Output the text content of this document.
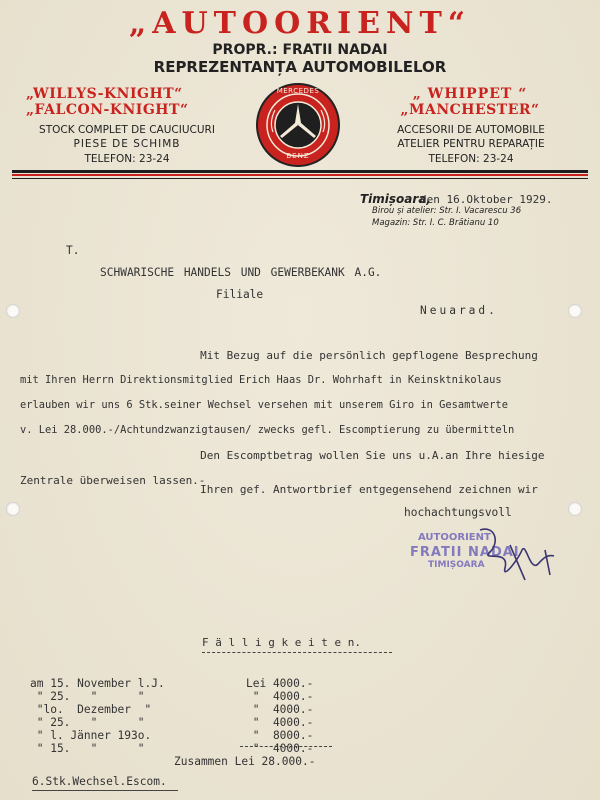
„AUTOORIENT“
PROPR.: FRATII NADAI
REPREZENTANȚA AUTOMOBILELOR
„WILLYS-KNIGHT“
„FALCON-KNIGHT“
STOCK COMPLET DE CAUCIUCURI
PIESE DE SCHIMB
TELEFON: 23-24
„ WHIPPET “
„MANCHESTER“
ACCESORII DE AUTOMOBILE
ATELIER PENTRU REPARAȚIE
TELEFON: 23-24
MERCEDES
BENZ
Timișoara,
den 16.Oktober 1929.
Birou și atelier: Str. I. Vacarescu 36
Magazin: Str. I. C. Brătianu 10
T.
SCHWARISCHE HANDELS UND GEWERBEKANK A.G.
Filiale
Neuarad.
Mit Bezug auf die persönlich gepflogene Besprechung
mit Ihren Herrn Direktionsmitglied Erich Haas Dr. Wohrhaft in Keinsktnikolaus
erlauben wir uns 6 Stk.seiner Wechsel versehen mit unserem Giro in Gesamtwerte
v. Lei 28.000.-/Achtundzwanzigtausen/ zwecks gefl. Escomptierung zu übermitteln
Den Escomptbetrag wollen Sie uns u.A.an Ihre hiesige
Zentrale überweisen lassen.-
Ihren gef. Antwortbrief entgegensehend zeichnen wir
hochachtungsvoll
AUTOORIENT
FRATII NADAI
TIMIȘOARA
F ä l l i g k e i t e n.
am 15. November l.J.	Lei 4000.-
" 25.   "      "	"  4000.-
"lo.  Dezember  "	"  4000.-
" 25.   "      "	"  4000.-
" l. Jänner 193o.	"  8000.-
" 15.   "      "	"  4000.-
Zusammen Lei 28.000.-
6.Stk.Wechsel.Escom.
